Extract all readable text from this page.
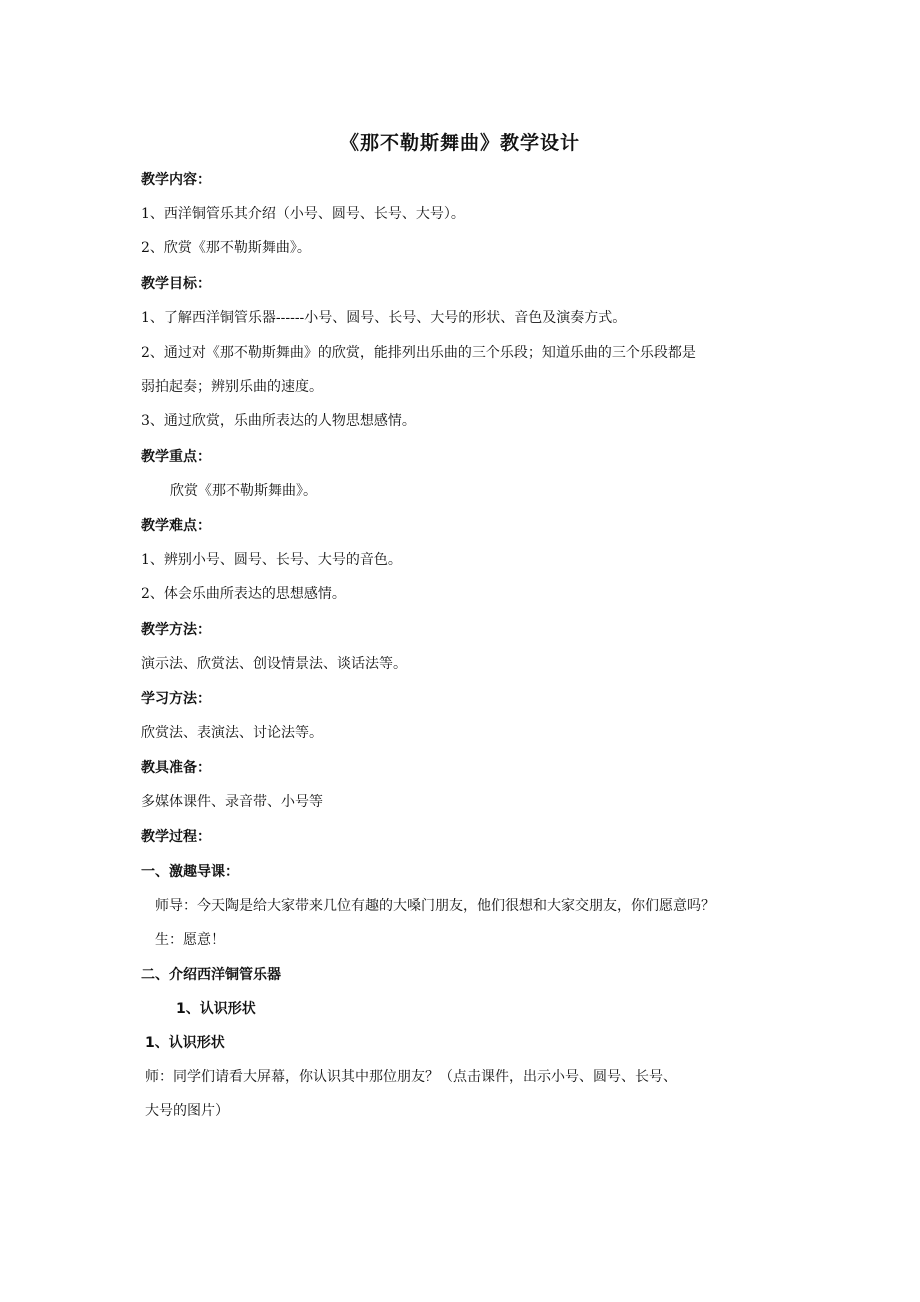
《那不勒斯舞曲》教学设计
教学内容：
1、西洋铜管乐其介绍（小号、圆号、长号、大号）。
2、欣赏《那不勒斯舞曲》。
教学目标：
1、了解西洋铜管乐器------小号、圆号、长号、大号的形状、音色及演奏方式。
2、通过对《那不勒斯舞曲》的欣赏，能排列出乐曲的三个乐段；知道乐曲的三个乐段都是
弱拍起奏；辨别乐曲的速度。
3、通过欣赏，乐曲所表达的人物思想感情。
教学重点：
欣赏《那不勒斯舞曲》。
教学难点：
1、辨别小号、圆号、长号、大号的音色。
2、体会乐曲所表达的思想感情。
教学方法：
演示法、欣赏法、创设情景法、谈话法等。
学习方法：
欣赏法、表演法、讨论法等。
教具准备：
多媒体课件、录音带、小号等
教学过程：
一、激趣导课：
师导：今天陶是给大家带来几位有趣的大嗓门朋友，他们很想和大家交朋友，你们愿意吗？
生：愿意！
二、介绍西洋铜管乐器
1、认识形状
1、认识形状
师：同学们请看大屏幕，你认识其中那位朋友？（点击课件，出示小号、圆号、长号、
大号的图片）
